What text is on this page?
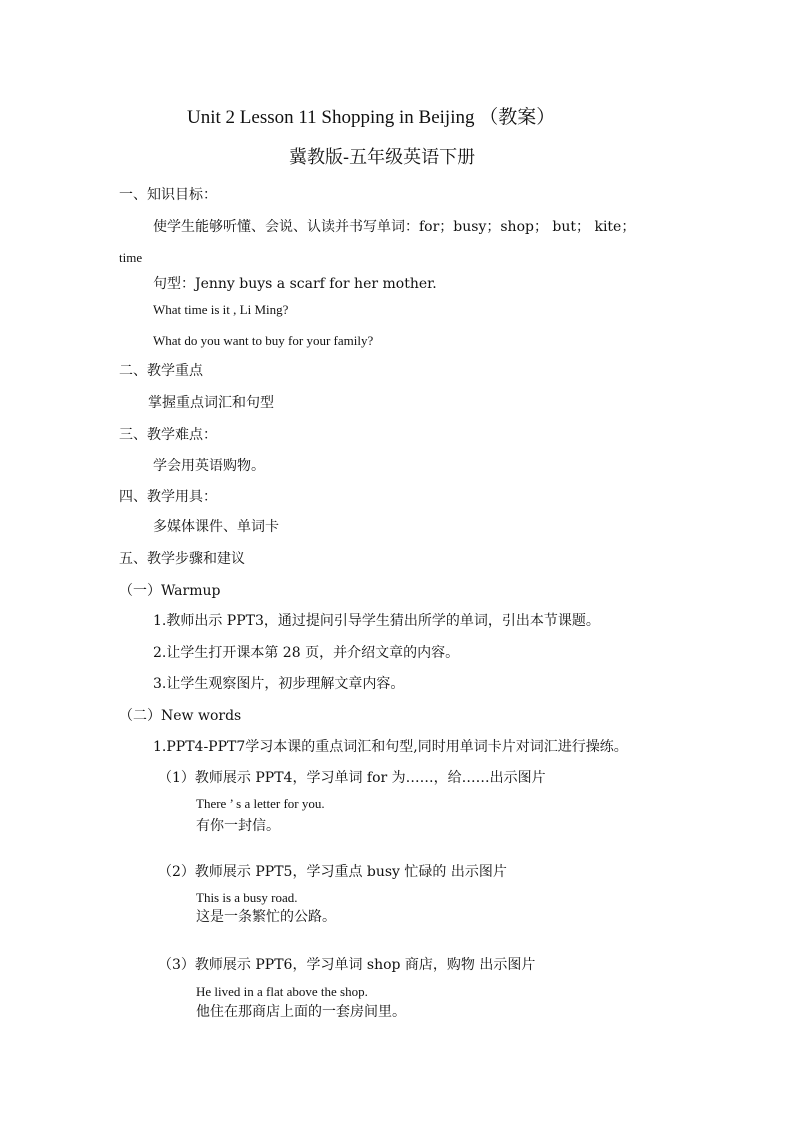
Unit 2 Lesson 11 Shopping in Beijing （教案）
冀教版-五年级英语下册
一、知识目标：
使学生能够听懂、会说、认读并书写单词：for；busy；shop； but； kite；
time
句型：Jenny buys a scarf for her mother.
What time is it , Li Ming?
What do you want to buy for your family?
二、教学重点
掌握重点词汇和句型
三、教学难点：
学会用英语购物。
四、教学用具：
多媒体课件、单词卡
五、教学步骤和建议
（一）Warmup
1.教师出示 PPT3，通过提问引导学生猜出所学的单词，引出本节课题。
2.让学生打开课本第 28 页，并介绍文章的内容。
3.让学生观察图片，初步理解文章内容。
（二）New words
1.PPT4-PPT7学习本课的重点词汇和句型,同时用单词卡片对词汇进行操练。
（1）教师展示 PPT4，学习单词 for 为……，给……出示图片
There ’ s a letter for you.
有你一封信。
（2）教师展示 PPT5，学习重点 busy 忙碌的 出示图片
This is a busy road.
这是一条繁忙的公路。
（3）教师展示 PPT6，学习单词 shop 商店，购物 出示图片
He lived in a flat above the shop.
他住在那商店上面的一套房间里。
